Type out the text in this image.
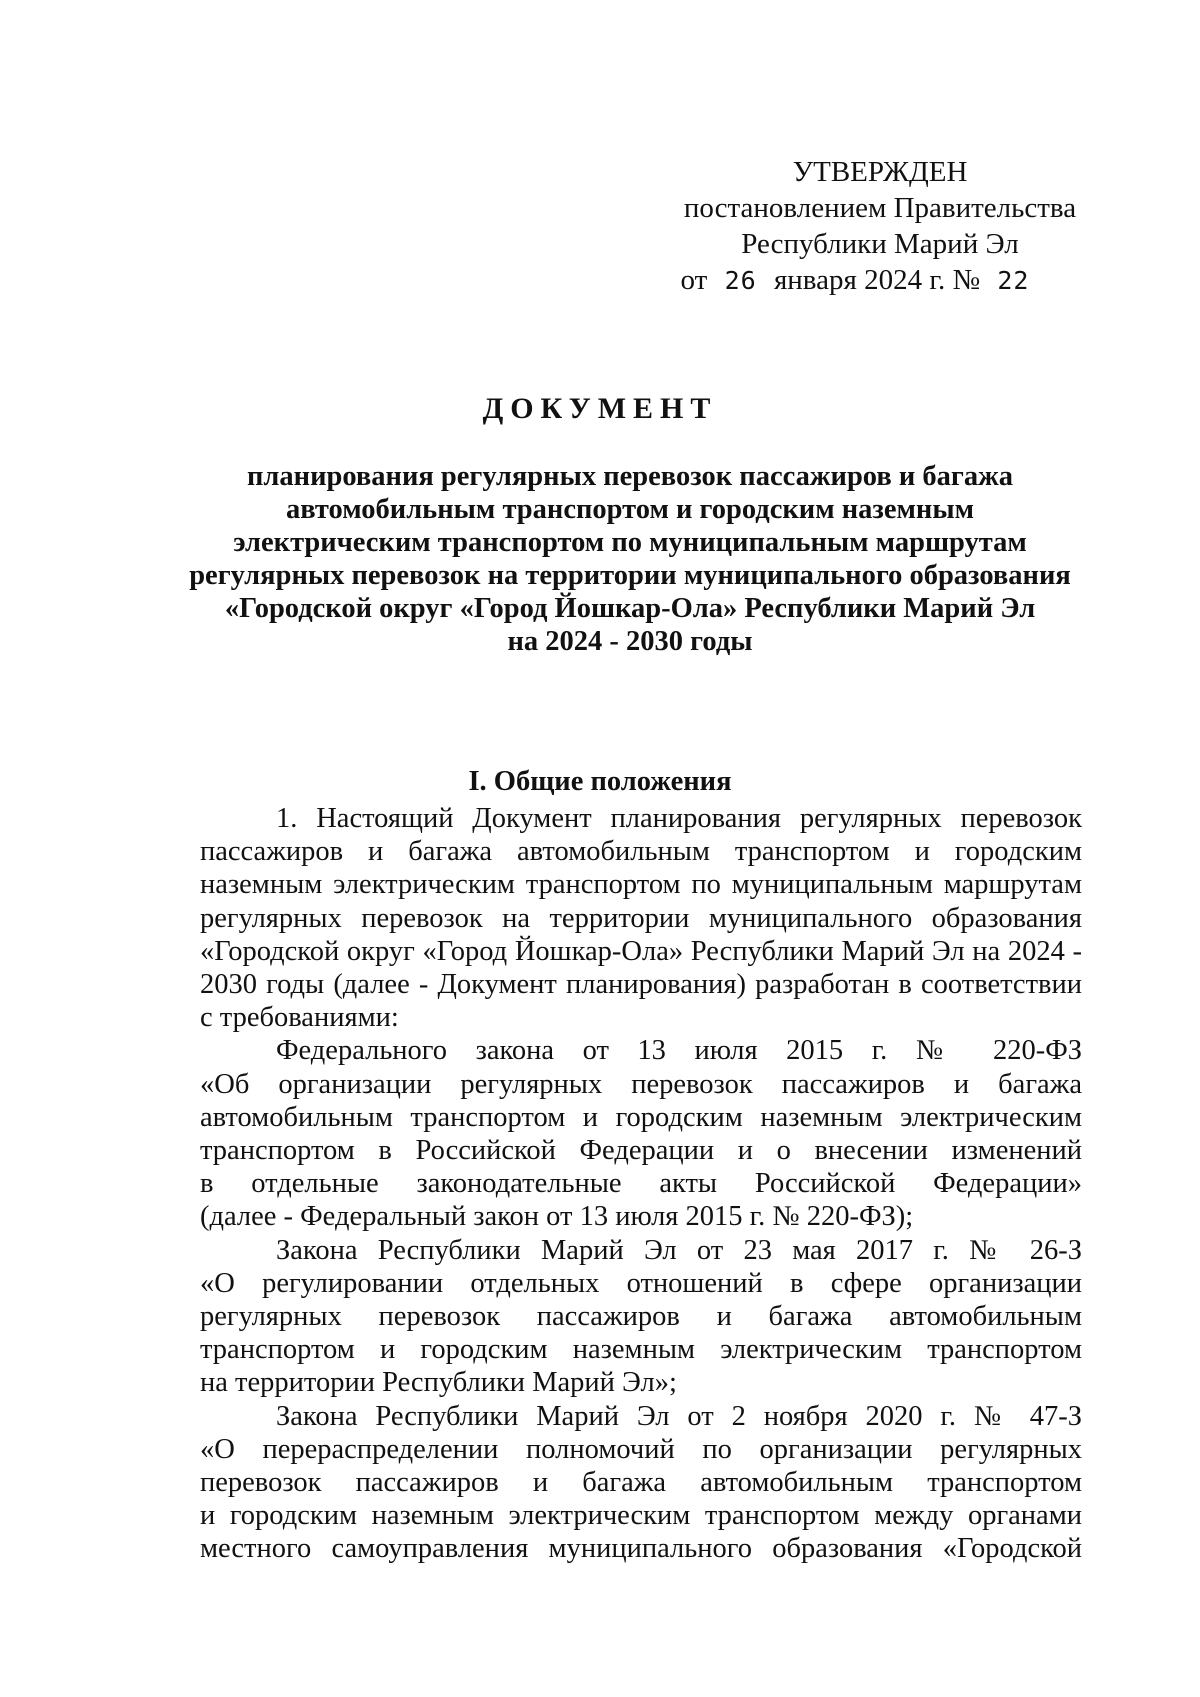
УТВЕРЖДЕН
постановлением Правительства
Республики Марий Эл
от 26 января 2024 г. № 22
ДОКУМЕНТ
планирования регулярных перевозок пассажиров и багажа
автомобильным транспортом и городским наземным
электрическим транспортом по муниципальным маршрутам
регулярных перевозок на территории муниципального образования
«Городской округ «Город Йошкар-Ола» Республики Марий Эл
на 2024 - 2030 годы
I. Общие положения
1. Настоящий Документ планирования регулярных перевозок
пассажиров и багажа автомобильным транспортом и городским
наземным электрическим транспортом по муниципальным маршрутам
регулярных перевозок на территории муниципального образования
«Городской округ «Город Йошкар-Ола» Республики Марий Эл на 2024 -
2030 годы (далее - Документ планирования) разработан в соответствии
с требованиями:
Федерального закона от 13 июля 2015 г. № 220-ФЗ
«Об организации регулярных перевозок пассажиров и багажа
автомобильным транспортом и городским наземным электрическим
транспортом в Российской Федерации и о внесении изменений
в отдельные законодательные акты Российской Федерации»
(далее - Федеральный закон от 13 июля 2015 г. № 220-ФЗ);
Закона Республики Марий Эл от 23 мая 2017 г. № 26-З
«О регулировании отдельных отношений в сфере организации
регулярных перевозок пассажиров и багажа автомобильным
транспортом и городским наземным электрическим транспортом
на территории Республики Марий Эл»;
Закона Республики Марий Эл от 2 ноября 2020 г. № 47-З
«О перераспределении полномочий по организации регулярных
перевозок пассажиров и багажа автомобильным транспортом
и городским наземным электрическим транспортом между органами
местного самоуправления муниципального образования «Городской
